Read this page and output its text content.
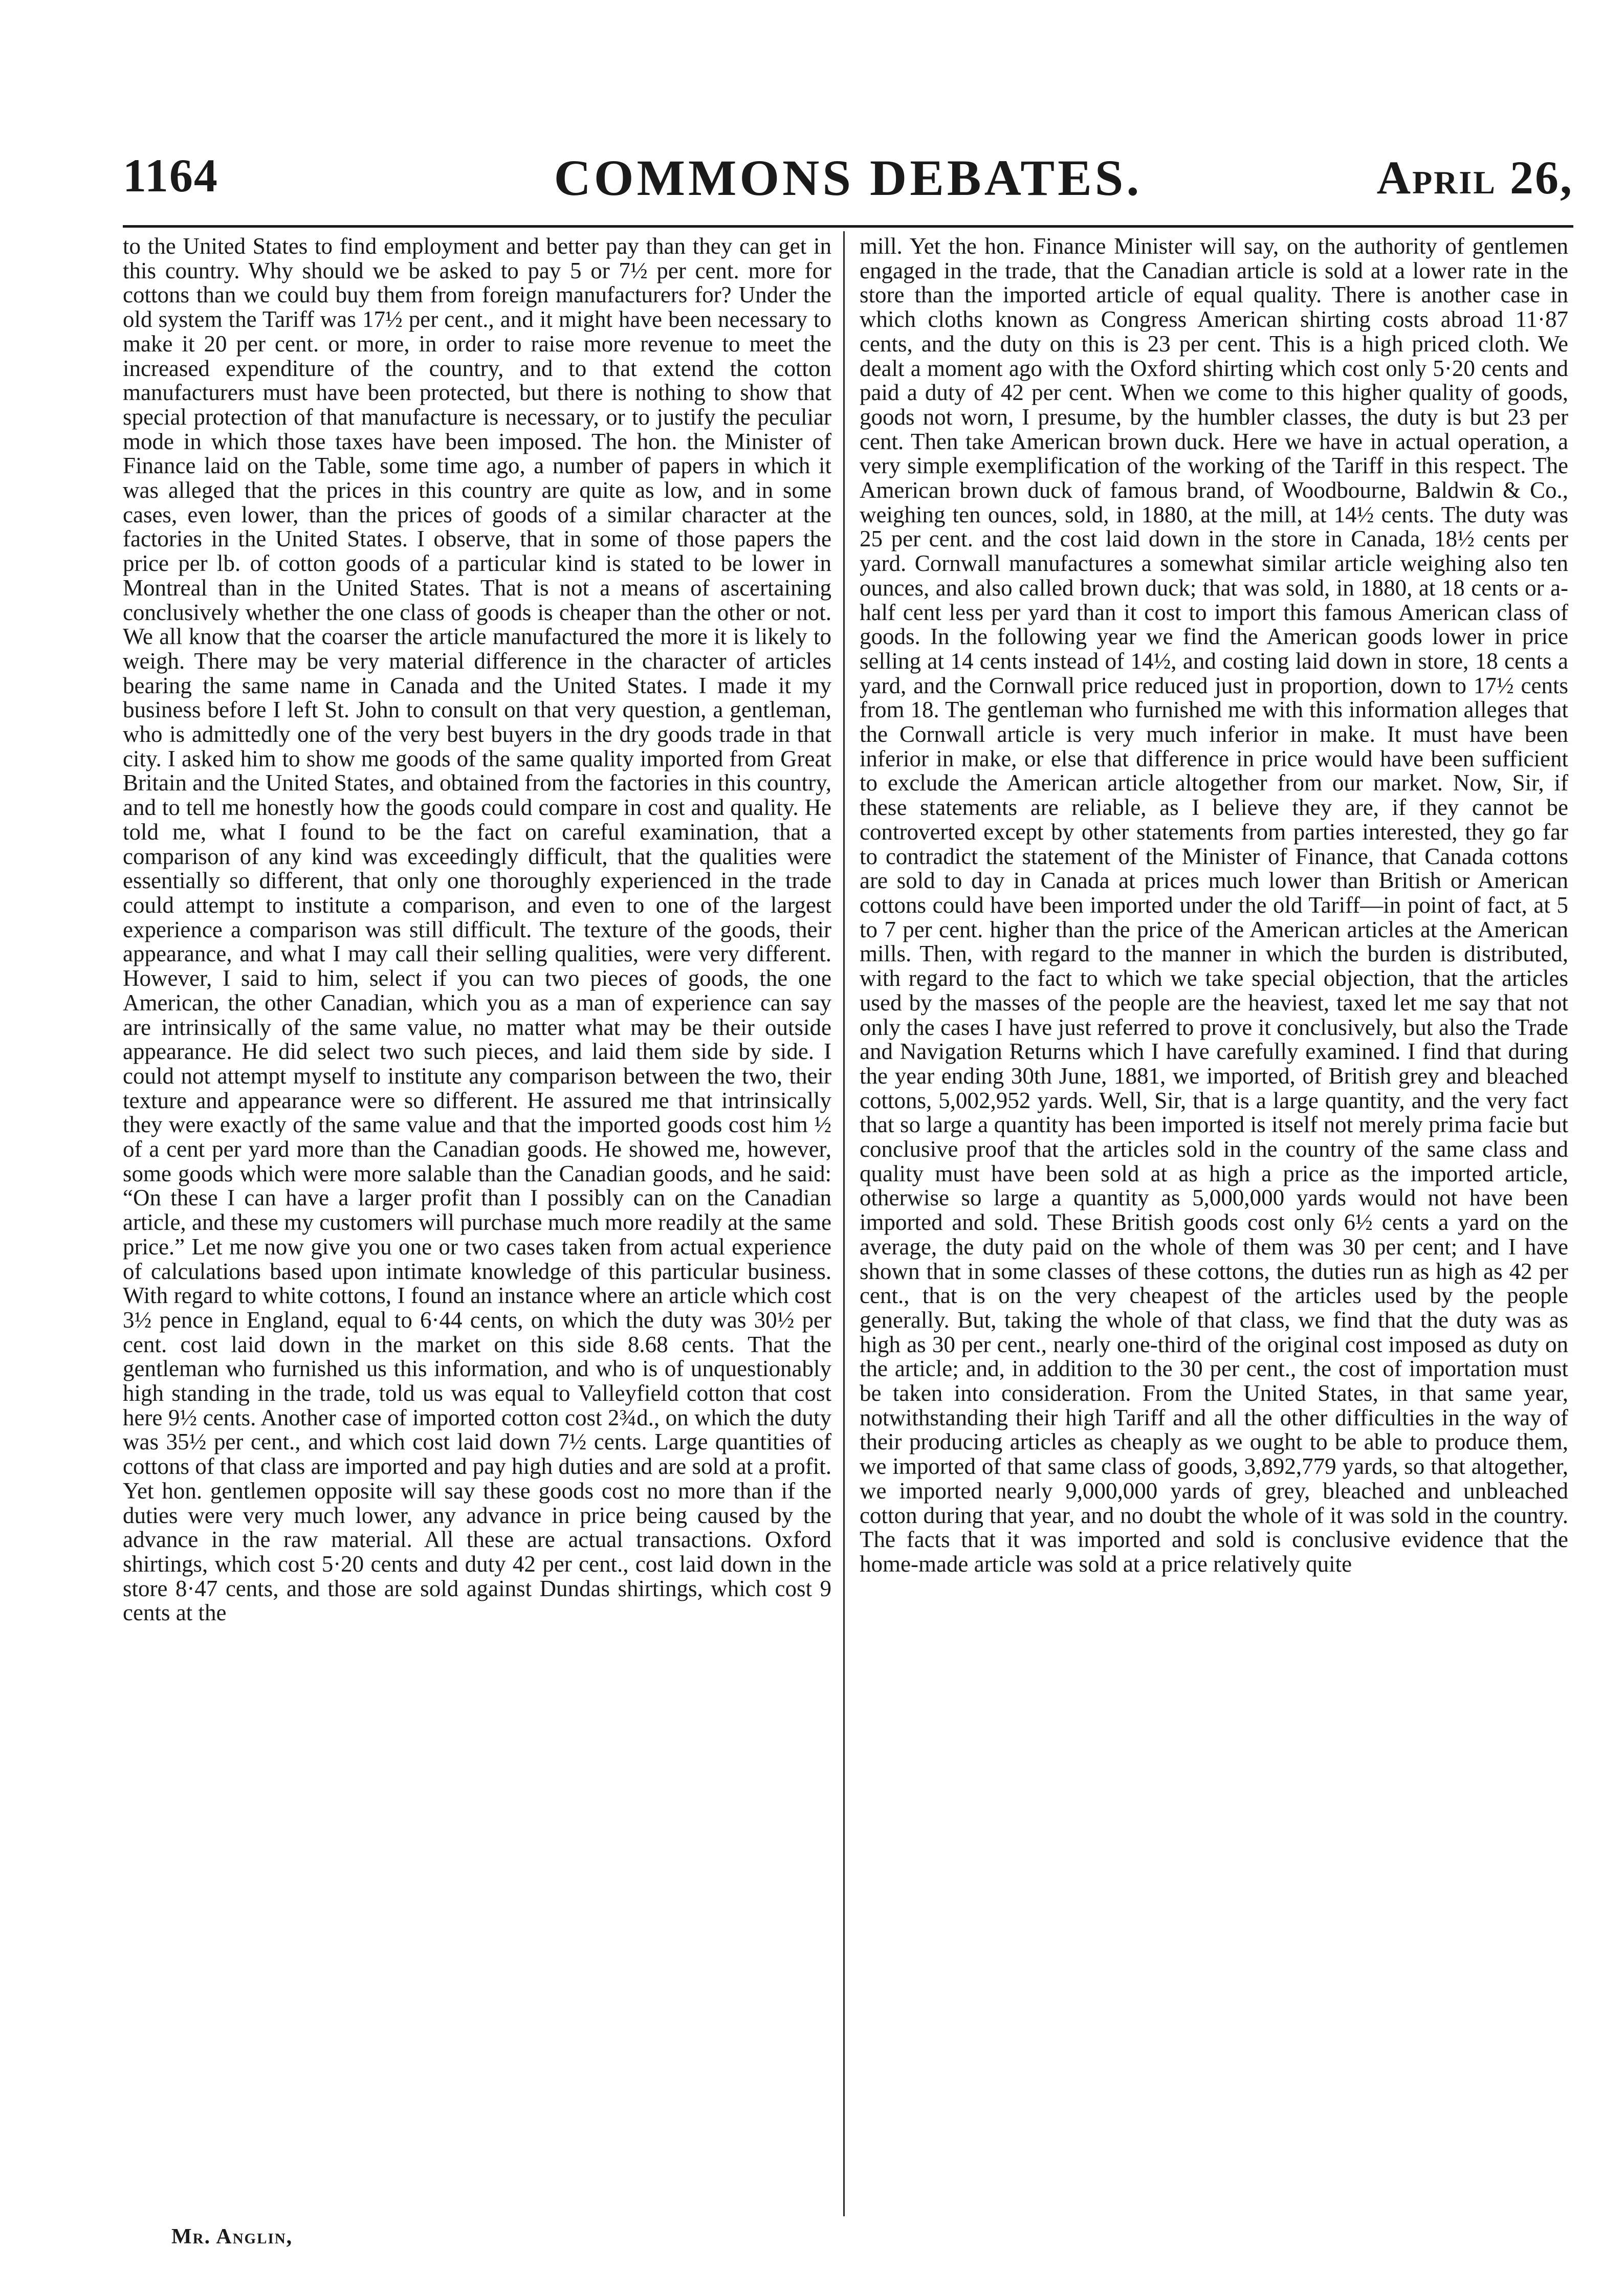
1164	COMMONS DEBATES.	April 26,

to the United States to find employment and better pay than they can get in this country. Why should we be asked to pay 5 or 7½ per cent. more for cottons than we could buy them from foreign manufacturers for? Under the old system the Tariff was 17½ per cent., and it might have been necessary to make it 20 per cent. or more, in order to raise more revenue to meet the increased expenditure of the country, and to that extend the cotton manufacturers must have been protected, but there is nothing to show that special protection of that manufacture is necessary, or to justify the peculiar mode in which those taxes have been imposed. The hon. the Minister of Finance laid on the Table, some time ago, a number of papers in which it was alleged that the prices in this country are quite as low, and in some cases, even lower, than the prices of goods of a similar character at the factories in the United States. I observe, that in some of those papers the price per lb. of cotton goods of a particular kind is stated to be lower in Montreal than in the United States. That is not a means of ascertaining conclusively whether the one class of goods is cheaper than the other or not. We all know that the coarser the article manufactured the more it is likely to weigh. There may be very material difference in the character of articles bearing the same name in Canada and the United States. I made it my business before I left St. John to consult on that very question, a gentleman, who is admittedly one of the very best buyers in the dry goods trade in that city. I asked him to show me goods of the same quality imported from Great Britain and the United States, and obtained from the factories in this country, and to tell me honestly how the goods could compare in cost and quality. He told me, what I found to be the fact on careful examination, that a comparison of any kind was exceedingly difficult, that the qualities were essentially so different, that only one thoroughly experienced in the trade could attempt to institute a comparison, and even to one of the largest experience a comparison was still difficult. The texture of the goods, their appearance, and what I may call their selling qualities, were very different. However, I said to him, select if you can two pieces of goods, the one American, the other Canadian, which you as a man of experience can say are intrinsically of the same value, no matter what may be their outside appearance. He did select two such pieces, and laid them side by side. I could not attempt myself to institute any comparison between the two, their texture and appearance were so different. He assured me that intrinsically they were exactly of the same value and that the imported goods cost him ½ of a cent per yard more than the Canadian goods. He showed me, however, some goods which were more salable than the Canadian goods, and he said: “On these I can have a larger profit than I possibly can on the Canadian article, and these my customers will purchase much more readily at the same price.” Let me now give you one or two cases taken from actual experience of calculations based upon intimate knowledge of this particular business. With regard to white cottons, I found an instance where an article which cost 3½ pence in England, equal to 6·44 cents, on which the duty was 30½ per cent. cost laid down in the market on this side 8.68 cents. That the gentleman who furnished us this information, and who is of unquestionably high standing in the trade, told us was equal to Valleyfield cotton that cost here 9½ cents. Another case of imported cotton cost 2¾d., on which the duty was 35½ per cent., and which cost laid down 7½ cents. Large quantities of cottons of that class are imported and pay high duties and are sold at a profit. Yet hon. gentlemen opposite will say these goods cost no more than if the duties were very much lower, any advance in price being caused by the advance in the raw material. All these are actual transactions. Oxford shirtings, which cost 5·20 cents and duty 42 per cent., cost laid down in the store 8·47 cents, and those are sold against Dundas shirtings, which cost 9 cents at the

mill. Yet the hon. Finance Minister will say, on the authority of gentlemen engaged in the trade, that the Canadian article is sold at a lower rate in the store than the imported article of equal quality. There is another case in which cloths known as Congress American shirting costs abroad 11·87 cents, and the duty on this is 23 per cent. This is a high priced cloth. We dealt a moment ago with the Oxford shirting which cost only 5·20 cents and paid a duty of 42 per cent. When we come to this higher quality of goods, goods not worn, I presume, by the humbler classes, the duty is but 23 per cent. Then take American brown duck. Here we have in actual operation, a very simple exemplification of the working of the Tariff in this respect. The American brown duck of famous brand, of Woodbourne, Baldwin & Co., weighing ten ounces, sold, in 1880, at the mill, at 14½ cents. The duty was 25 per cent. and the cost laid down in the store in Canada, 18½ cents per yard. Cornwall manufactures a somewhat similar article weighing also ten ounces, and also called brown duck; that was sold, in 1880, at 18 cents or a-half cent less per yard than it cost to import this famous American class of goods. In the following year we find the American goods lower in price selling at 14 cents instead of 14½, and costing laid down in store, 18 cents a yard, and the Cornwall price reduced just in proportion, down to 17½ cents from 18. The gentleman who furnished me with this information alleges that the Cornwall article is very much inferior in make. It must have been inferior in make, or else that difference in price would have been sufficient to exclude the American article altogether from our market. Now, Sir, if these statements are reliable, as I believe they are, if they cannot be controverted except by other statements from parties interested, they go far to contradict the statement of the Minister of Finance, that Canada cottons are sold to day in Canada at prices much lower than British or American cottons could have been imported under the old Tariff—in point of fact, at 5 to 7 per cent. higher than the price of the American articles at the American mills. Then, with regard to the manner in which the burden is distributed, with regard to the fact to which we take special objection, that the articles used by the masses of the people are the heaviest, taxed let me say that not only the cases I have just referred to prove it conclusively, but also the Trade and Navigation Returns which I have carefully examined. I find that during the year ending 30th June, 1881, we imported, of British grey and bleached cottons, 5,002,952 yards. Well, Sir, that is a large quantity, and the very fact that so large a quantity has been imported is itself not merely prima facie but conclusive proof that the articles sold in the country of the same class and quality must have been sold at as high a price as the imported article, otherwise so large a quantity as 5,000,000 yards would not have been imported and sold. These British goods cost only 6½ cents a yard on the average, the duty paid on the whole of them was 30 per cent; and I have shown that in some classes of these cottons, the duties run as high as 42 per cent., that is on the very cheapest of the articles used by the people generally. But, taking the whole of that class, we find that the duty was as high as 30 per cent., nearly one-third of the original cost imposed as duty on the article; and, in addition to the 30 per cent., the cost of importation must be taken into consideration. From the United States, in that same year, notwithstanding their high Tariff and all the other difficulties in the way of their producing articles as cheaply as we ought to be able to produce them, we imported of that same class of goods, 3,892,779 yards, so that altogether, we imported nearly 9,000,000 yards of grey, bleached and unbleached cotton during that year, and no doubt the whole of it was sold in the country. The facts that it was imported and sold is conclusive evidence that the home-made article was sold at a price relatively quite

Mr. Anglin,
